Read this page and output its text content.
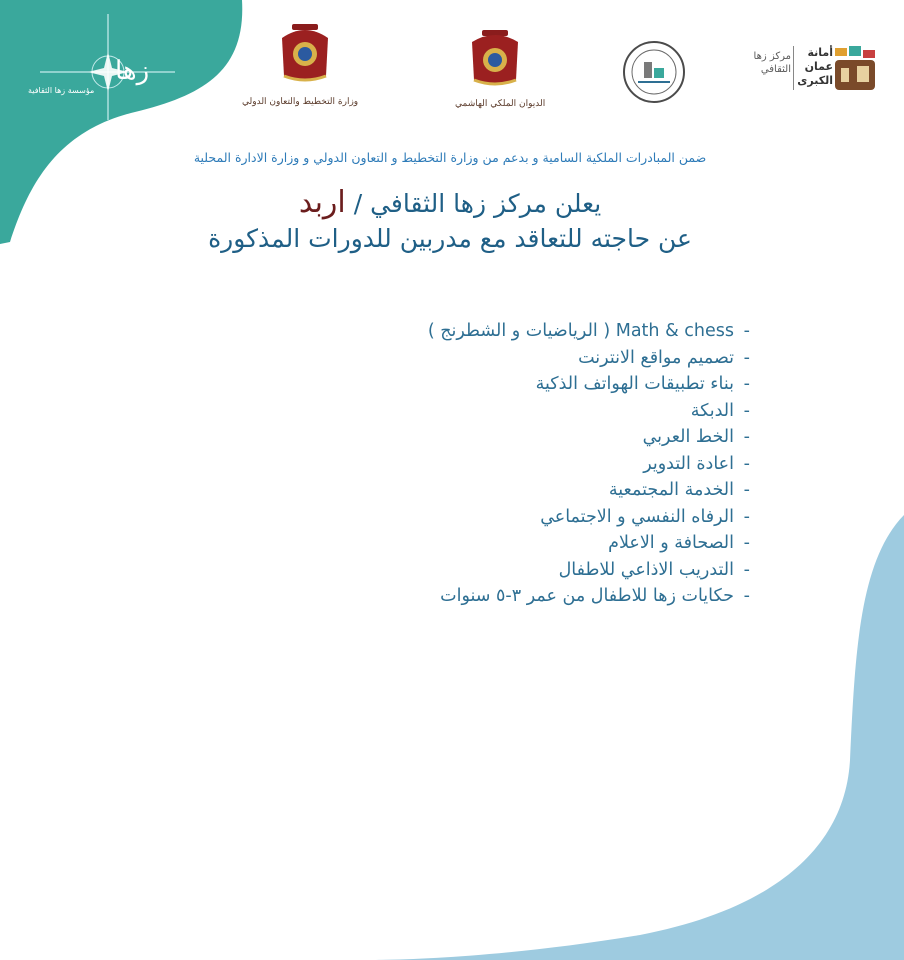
زها
مؤسسة زها الثقافية
وزارة التخطيط والتعاون الدولي	الديوان الملكي الهاشمي
مركز زها الثقافي
أمانة عمان الكبرى
ضمن المبادرات الملكية السامية و بدعم من وزارة التخطيط و التعاون الدولي و وزارة الادارة المحلية
يعلن مركز زها الثقافي / اربد
عن حاجته للتعاقد مع مدربين للدورات المذكورة
-Math & chess ( الرياضيات و الشطرنج )
-تصميم مواقع الانترنت
-بناء تطبيقات الهواتف الذكية
-الدبكة
-الخط العربي
-اعادة التدوير
-الخدمة المجتمعية
-الرفاه النفسي و الاجتماعي
-الصحافة و الاعلام
-التدريب الاذاعي للاطفال
-حكايات زها للاطفال من عمر ٣-٥ سنوات
